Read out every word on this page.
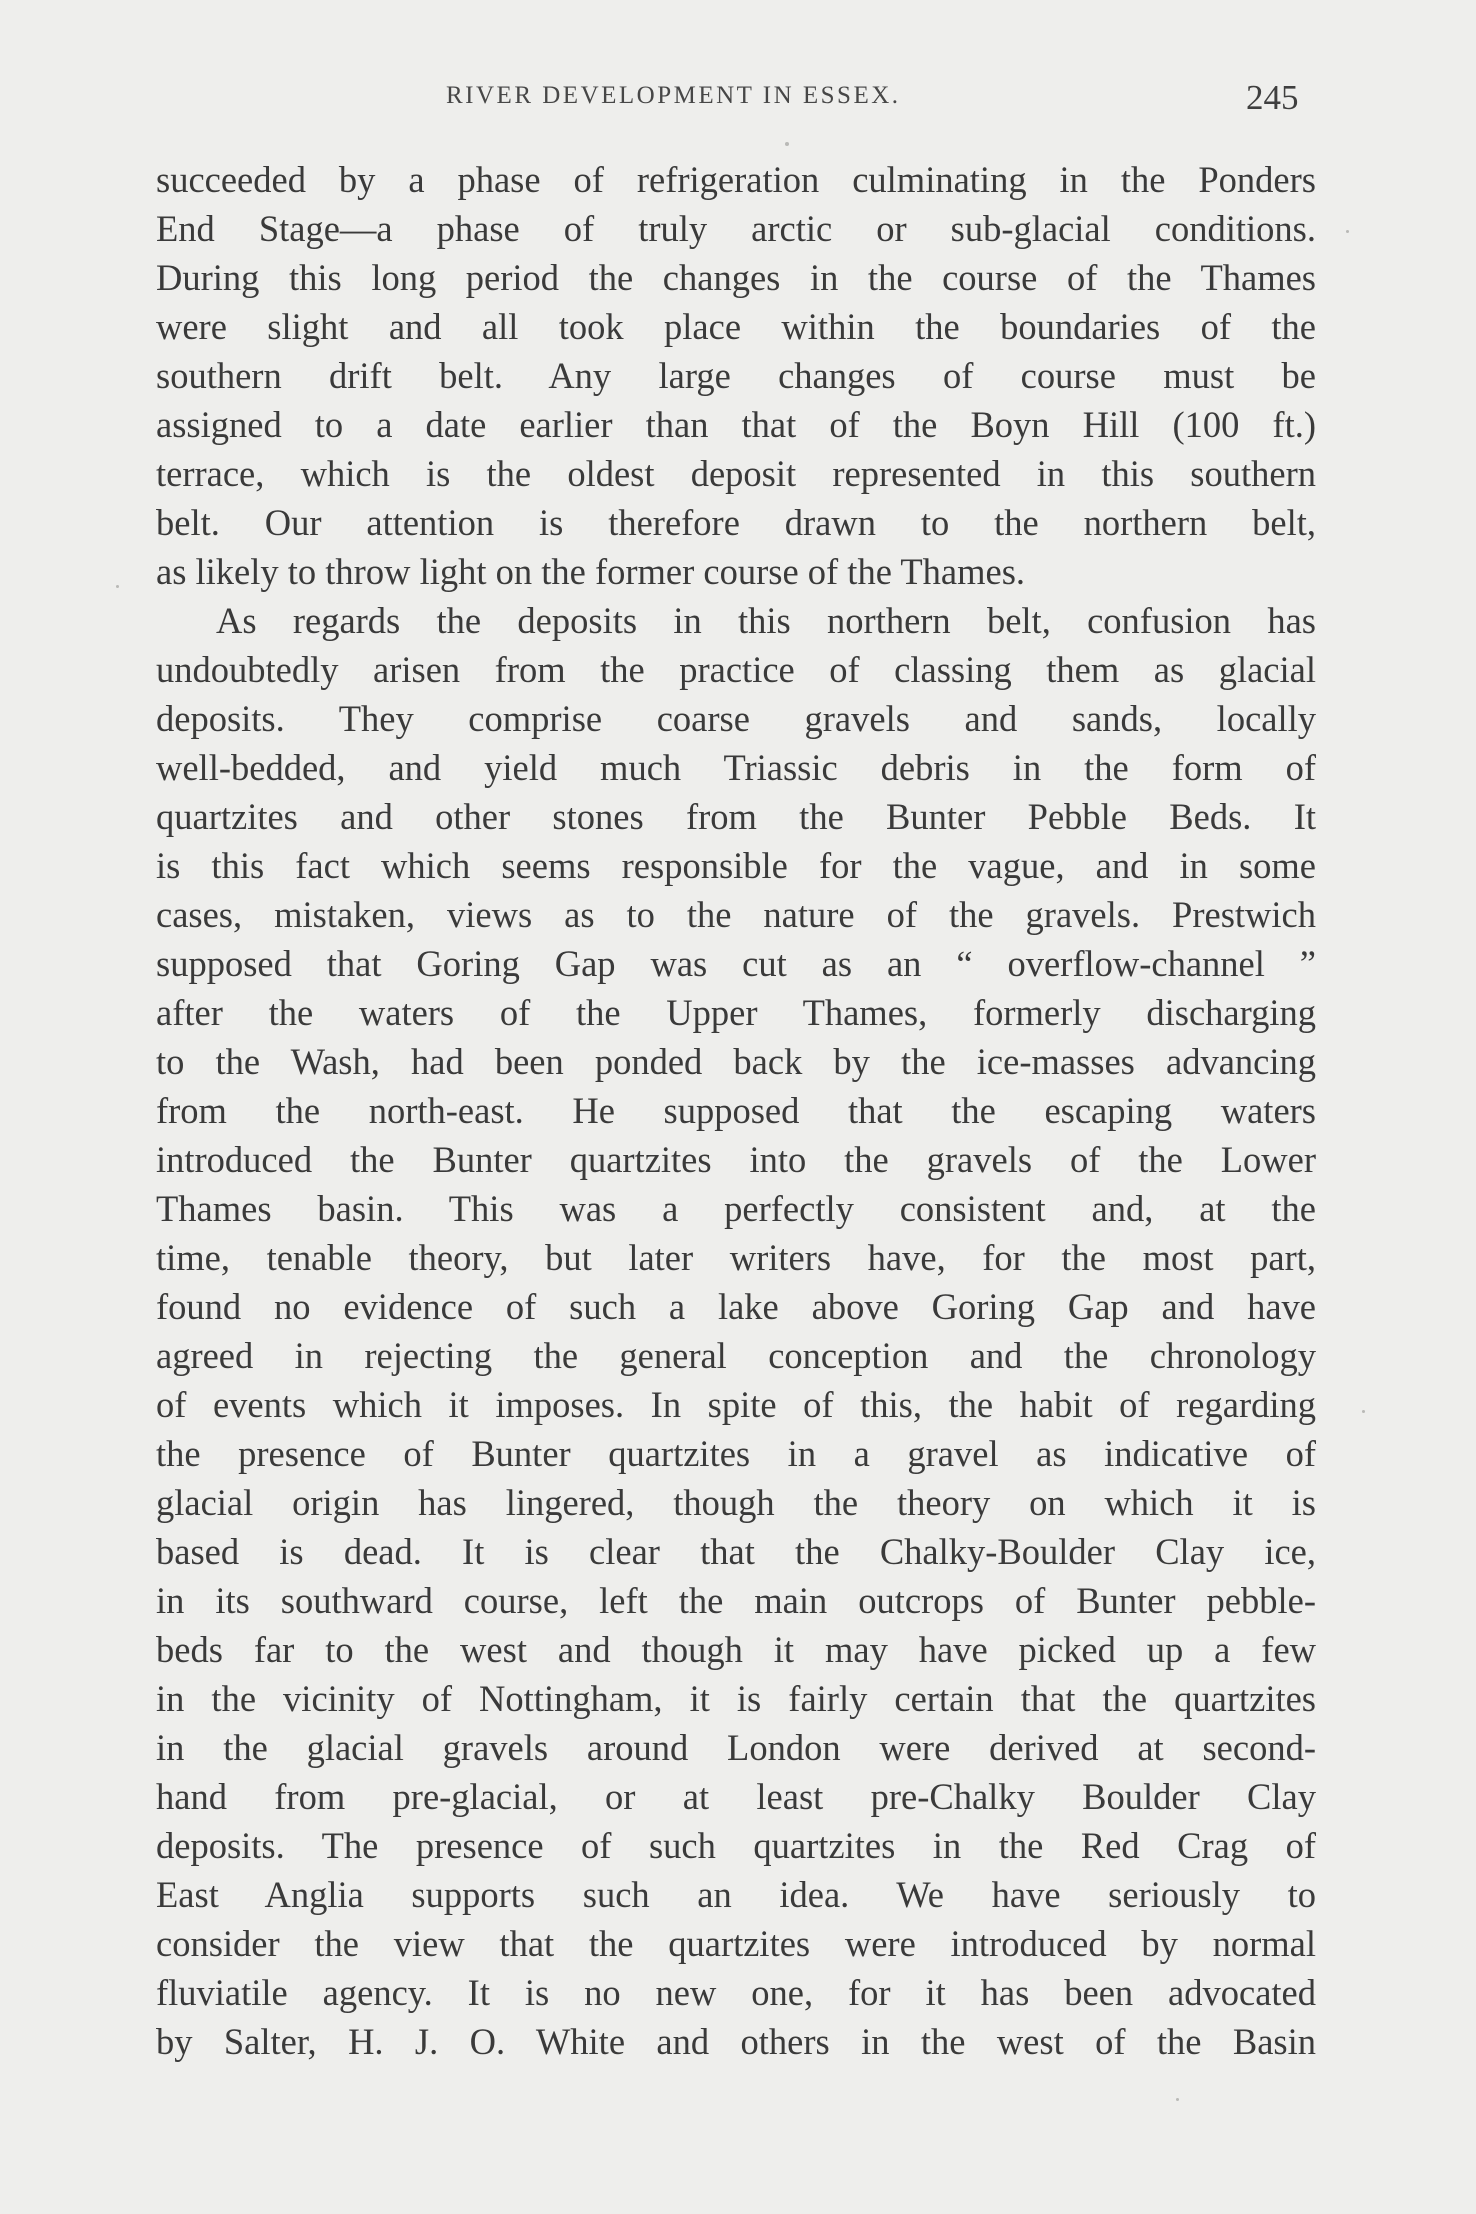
RIVER DEVELOPMENT IN ESSEX.	245
succeeded by a phase of refrigeration culminating in the Ponders
End Stage—a phase of truly arctic or sub-glacial conditions.
During this long period the changes in the course of the Thames
were slight and all took place within the boundaries of the
southern drift belt. Any large changes of course must be
assigned to a date earlier than that of the Boyn Hill (100 ft.)
terrace, which is the oldest deposit represented in this southern
belt. Our attention is therefore drawn to the northern belt,
as likely to throw light on the former course of the Thames.
As regards the deposits in this northern belt, confusion has
undoubtedly arisen from the practice of classing them as glacial
deposits. They comprise coarse gravels and sands, locally
well-bedded, and yield much Triassic debris in the form of
quartzites and other stones from the Bunter Pebble Beds. It
is this fact which seems responsible for the vague, and in some
cases, mistaken, views as to the nature of the gravels. Prestwich
supposed that Goring Gap was cut as an “ overflow-channel ”
after the waters of the Upper Thames, formerly discharging
to the Wash, had been ponded back by the ice-masses advancing
from the north-east. He supposed that the escaping waters
introduced the Bunter quartzites into the gravels of the Lower
Thames basin. This was a perfectly consistent and, at the
time, tenable theory, but later writers have, for the most part,
found no evidence of such a lake above Goring Gap and have
agreed in rejecting the general conception and the chronology
of events which it imposes. In spite of this, the habit of regarding
the presence of Bunter quartzites in a gravel as indicative of
glacial origin has lingered, though the theory on which it is
based is dead. It is clear that the Chalky-Boulder Clay ice,
in its southward course, left the main outcrops of Bunter pebble-
beds far to the west and though it may have picked up a few
in the vicinity of Nottingham, it is fairly certain that the quartzites
in the glacial gravels around London were derived at second-
hand from pre-glacial, or at least pre-Chalky Boulder Clay
deposits. The presence of such quartzites in the Red Crag of
East Anglia supports such an idea. We have seriously to
consider the view that the quartzites were introduced by normal
fluviatile agency. It is no new one, for it has been advocated
by Salter, H. J. O. White and others in the west of the Basin
